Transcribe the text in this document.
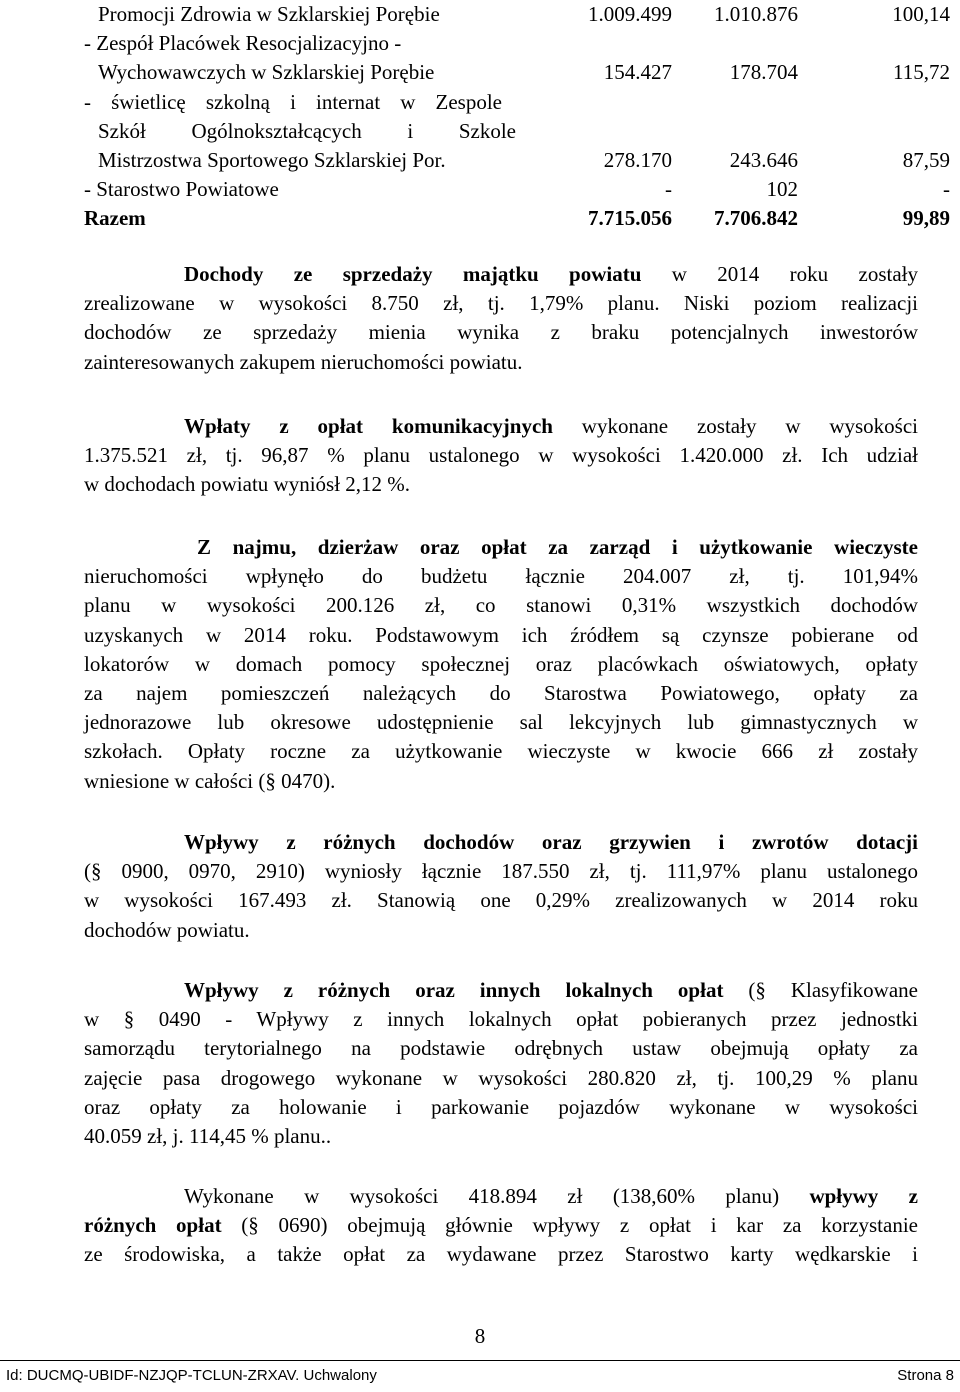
Promocji Zdrowia w Szklarskiej Porębie	1.009.499 1.010.876	100,14
- Zespół Placówek Resocjalizacyjno -
Wychowawczych w Szklarskiej Porębie	154.427	178.704	115,72
- świetlicę szkolną i internat w Zespole
Szkół Ogólnokształcących i Szkole
Mistrzostwa Sportowego Szklarskiej Por.	278.170	243.646	87,59
- Starostwo Powiatowe	-	102	-
Razem	7.715.056 7.706.842	99,89
Dochody ze sprzedaży majątku powiatu w 2014 roku zostały
zrealizowane w wysokości 8.750 zł, tj. 1,79% planu. Niski poziom realizacji
dochodów ze sprzedaży mienia wynika z braku potencjalnych inwestorów
zainteresowanych zakupem nieruchomości powiatu.
Wpłaty z opłat komunikacyjnych wykonane zostały w wysokości
1.375.521 zł, tj. 96,87 % planu ustalonego w wysokości 1.420.000 zł. Ich udział
w dochodach powiatu wyniósł 2,12 %.
Z najmu, dzierżaw oraz opłat za zarząd i użytkowanie wieczyste
nieruchomości wpłynęło do budżetu łącznie 204.007 zł, tj. 101,94%
planu w wysokości 200.126 zł, co stanowi 0,31% wszystkich dochodów
uzyskanych w 2014 roku. Podstawowym ich źródłem są czynsze pobierane od
lokatorów w domach pomocy społecznej oraz placówkach oświatowych, opłaty
za najem pomieszczeń należących do Starostwa Powiatowego, opłaty za
jednorazowe lub okresowe udostępnienie sal lekcyjnych lub gimnastycznych w
szkołach. Opłaty roczne za użytkowanie wieczyste w kwocie 666 zł zostały
wniesione w całości (§ 0470).
Wpływy z różnych dochodów oraz grzywien i zwrotów dotacji
(§ 0900, 0970, 2910) wyniosły łącznie 187.550 zł, tj. 111,97% planu ustalonego
w wysokości 167.493 zł. Stanowią one 0,29% zrealizowanych w 2014 roku
dochodów powiatu.
Wpływy z różnych oraz innych lokalnych opłat (§ Klasyfikowane
w § 0490 - Wpływy z innych lokalnych opłat pobieranych przez jednostki
samorządu terytorialnego na podstawie odrębnych ustaw obejmują opłaty za
zajęcie pasa drogowego wykonane w wysokości 280.820 zł, tj. 100,29 % planu
oraz opłaty za holowanie i parkowanie pojazdów wykonane w wysokości
40.059 zł, j. 114,45 % planu..
Wykonane w wysokości 418.894 zł (138,60% planu) wpływy z
różnych opłat (§ 0690) obejmują głównie wpływy z opłat i kar za korzystanie
ze środowiska, a także opłat za wydawane przez Starostwo karty wędkarskie i
8
Id: DUCMQ-UBIDF-NZJQP-TCLUN-ZRXAV. Uchwalony	Strona 8
